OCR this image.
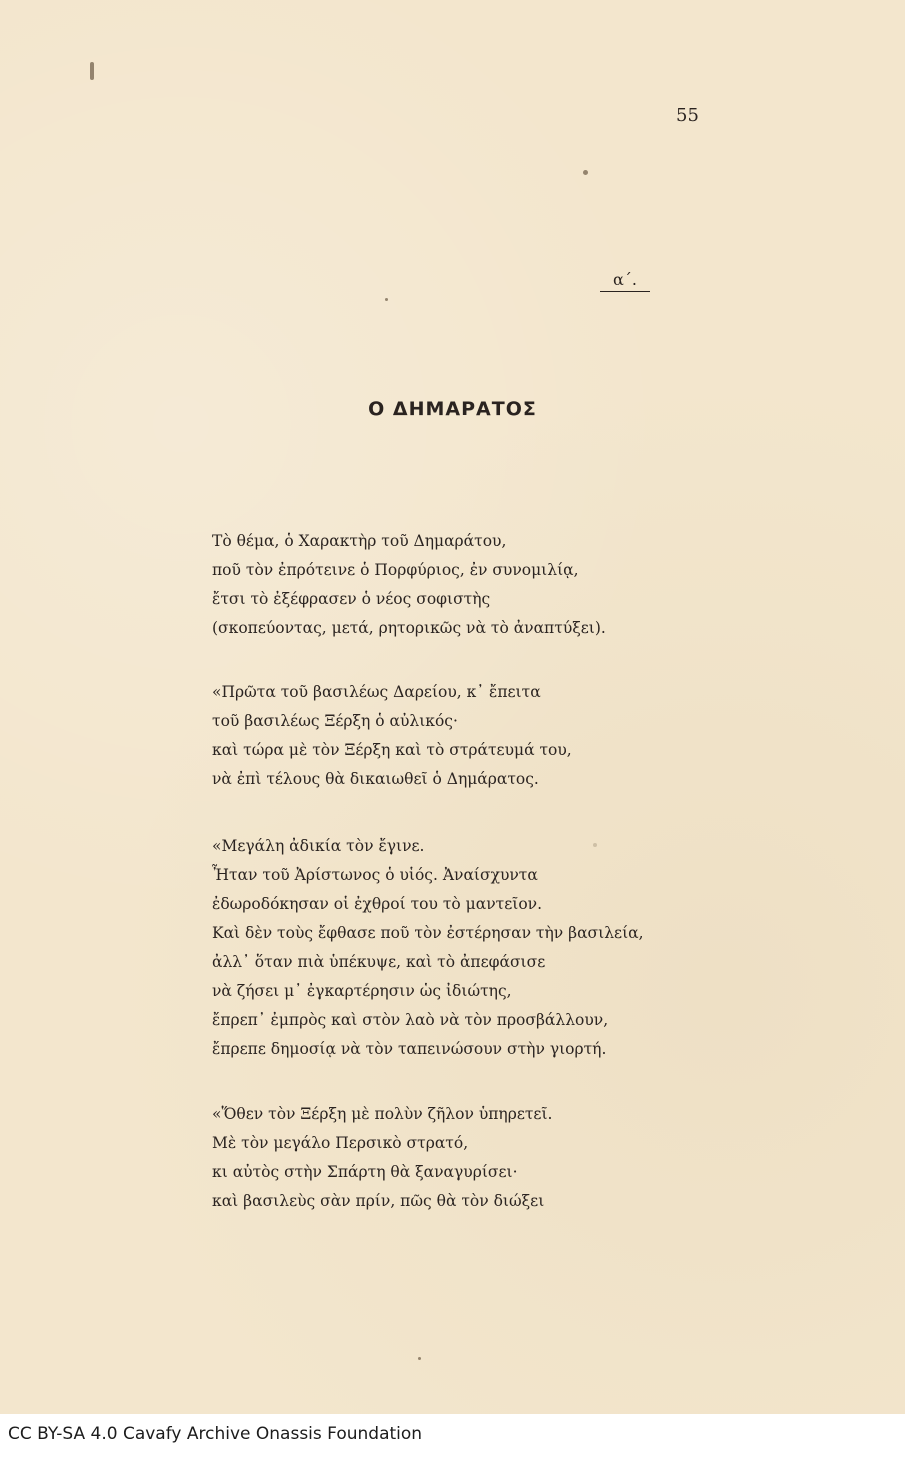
55
α΄.
Ο ΔΗΜΑΡΑΤΟΣ
Τὸ θέμα, ὁ Χαρακτὴρ τοῦ Δημαράτου,
ποῦ τὸν ἐπρότεινε ὁ Πορφύριος, ἐν συνομιλίᾳ,
ἔτσι τὸ ἐξέφρασεν ὁ νέος σοφιστὴς
(σκοπεύοντας, μετά, ρητορικῶς νὰ τὸ ἀναπτύξει).
«Πρῶτα τοῦ βασιλέως Δαρείου, κ᾿ ἔπειτα
τοῦ βασιλέως Ξέρξη ὁ αὐλικός·
καὶ τώρα μὲ τὸν Ξέρξη καὶ τὸ στράτευμά του,
νὰ ἐπὶ τέλους θὰ δικαιωθεῖ ὁ Δημάρατος.
«Μεγάλη ἀδικία τὸν ἔγινε.
Ἦταν τοῦ Ἀρίστωνος ὁ υἱός. Ἀναίσχυντα
ἐδωροδόκησαν οἱ ἐχθροί του τὸ μαντεῖον.
Καὶ δὲν τοὺς ἔφθασε ποῦ τὸν ἐστέρησαν τὴν βασιλεία,
ἀλλ᾿ ὅταν πιὰ ὑπέκυψε, καὶ τὸ ἀπεφάσισε
νὰ ζήσει μ᾿ ἐγκαρτέρησιν ὡς ἰδιώτης,
ἔπρεπ᾿ ἐμπρὸς καὶ στὸν λαὸ νὰ τὸν προσβάλλουν,
ἔπρεπε δημοσίᾳ νὰ τὸν ταπεινώσουν στὴν γιορτή.
«Ὅθεν τὸν Ξέρξη μὲ πολὺν ζῆλον ὑπηρετεῖ.
Μὲ τὸν μεγάλο Περσικὸ στρατό,
κι αὐτὸς στὴν Σπάρτη θὰ ξαναγυρίσει·
καὶ βασιλεὺς σὰν πρίν, πῶς θὰ τὸν διώξει
CC BY-SA 4.0 Cavafy Archive Onassis Foundation
